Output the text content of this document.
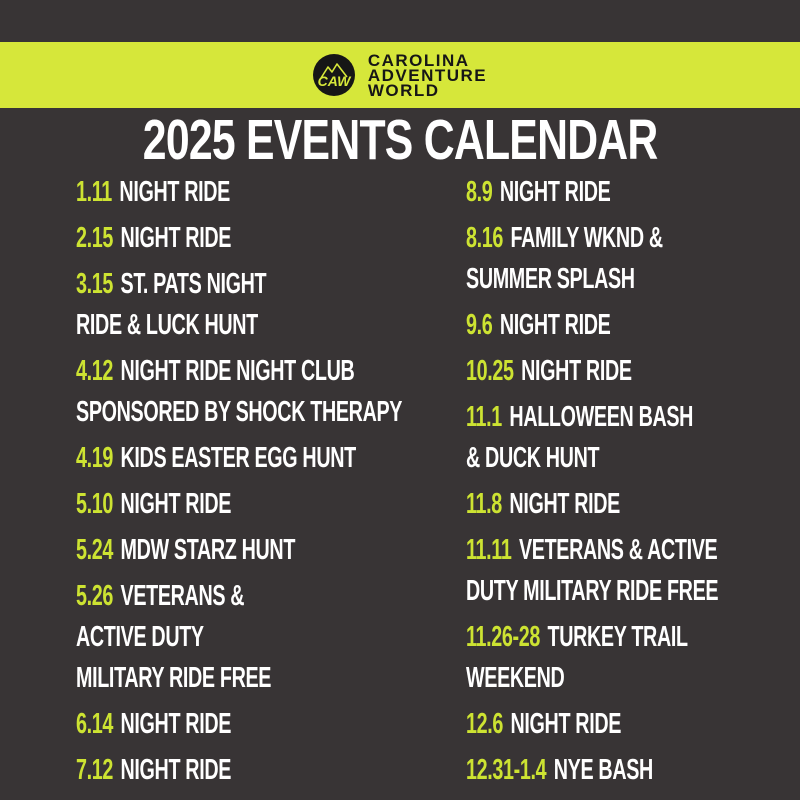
CAW
CAROLINA
ADVENTURE
WORLD
2025 EVENTS CALENDAR
1.11 NIGHT RIDE
2.15 NIGHT RIDE
3.15 ST. PATS NIGHT
RIDE & LUCK HUNT
4.12 NIGHT RIDE NIGHT CLUB
SPONSORED BY SHOCK THERAPY
4.19 KIDS EASTER EGG HUNT
5.10 NIGHT RIDE
5.24 MDW STARZ HUNT
5.26 VETERANS &
ACTIVE DUTY
MILITARY RIDE FREE
6.14 NIGHT RIDE
7.12 NIGHT RIDE
8.9 NIGHT RIDE
8.16 FAMILY WKND &
SUMMER SPLASH
9.6 NIGHT RIDE
10.25 NIGHT RIDE
11.1 HALLOWEEN BASH
& DUCK HUNT
11.8 NIGHT RIDE
11.11 VETERANS & ACTIVE
DUTY MILITARY RIDE FREE
11.26-28 TURKEY TRAIL
WEEKEND
12.6 NIGHT RIDE
12.31-1.4 NYE BASH
